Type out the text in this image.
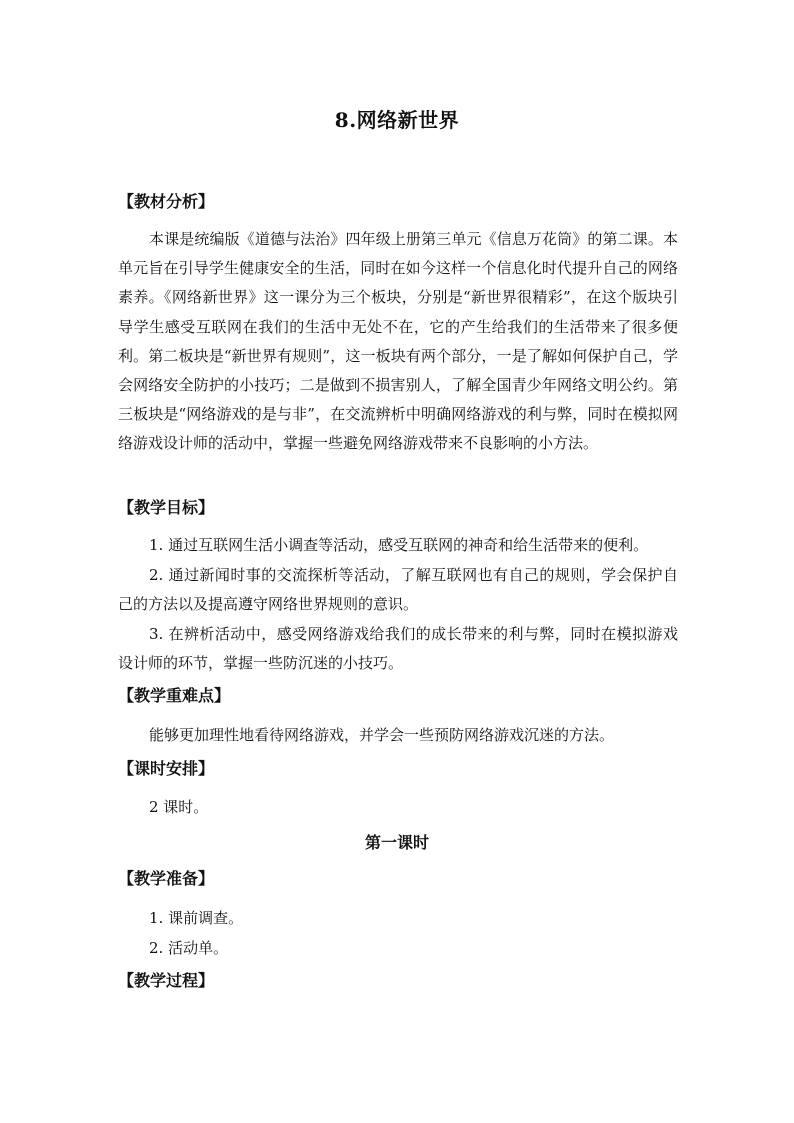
8.网络新世界
【教材分析】

本课是统编版《道德与法治》四年级上册第三单元《信息万花筒》的第二课。本单元旨在引导学生健康安全的生活，同时在如今这样一个信息化时代提升自己的网络素养。《网络新世界》这一课分为三个板块，分别是“新世界很精彩”，在这个版块引导学生感受互联网在我们的生活中无处不在，它的产生给我们的生活带来了很多便利。第二板块是“新世界有规则”，这一板块有两个部分，一是了解如何保护自己，学会网络安全防护的小技巧；二是做到不损害别人，了解全国青少年网络文明公约。第三板块是“网络游戏的是与非”，在交流辨析中明确网络游戏的利与弊，同时在模拟网络游戏设计师的活动中，掌握一些避免网络游戏带来不良影响的小方法。

【教学目标】

1. 通过互联网生活小调查等活动，感受互联网的神奇和给生活带来的便利。

2. 通过新闻时事的交流探析等活动，了解互联网也有自己的规则，学会保护自己的方法以及提高遵守网络世界规则的意识。

3. 在辨析活动中，感受网络游戏给我们的成长带来的利与弊，同时在模拟游戏设计师的环节，掌握一些防沉迷的小技巧。

【教学重难点】
能够更加理性地看待网络游戏，并学会一些预防网络游戏沉迷的方法。
【课时安排】
2 课时。
第一课时
【教学准备】
1. 课前调查。
2. 活动单。
【教学过程】
